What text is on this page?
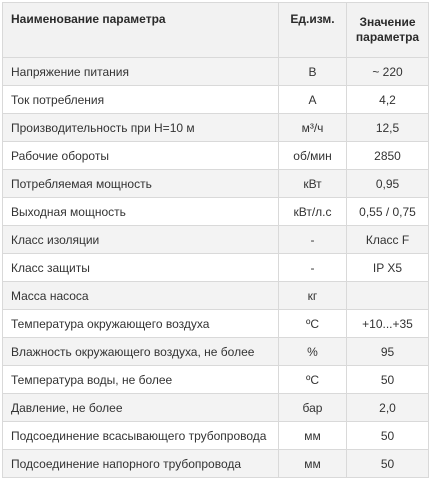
Наименование параметра	Ед.изм.	Значение параметра
Напряжение питания	В	~ 220
Ток потребления	А	4,2
Производительность при H=10 м	м³/ч	12,5
Рабочие обороты	об/мин	2850
Потребляемая мощность	кВт	0,95
Выходная мощность	кВт/л.с	0,55 / 0,75
Класс изоляции	-	Класс F
Класс защиты	-	IP X5
Масса насоса	кг	
Температура окружающего воздуха	ºС	+10...+35
Влажность окружающего воздуха, не более	%	95
Температура воды, не более	ºС	50
Давление, не более	бар	2,0
Подсоединение всасывающего трубопровода	мм	50
Подсоединение напорного трубопровода	мм	50
